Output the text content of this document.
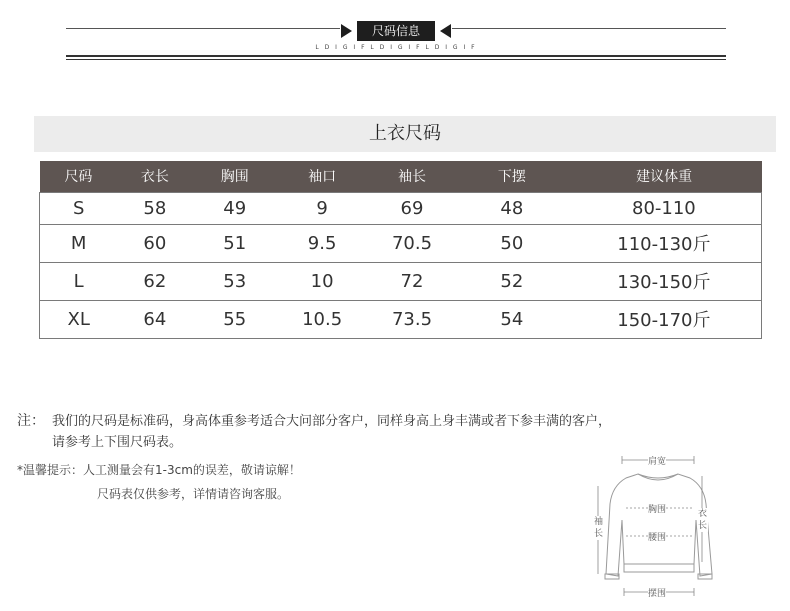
尺码信息
L D I G I F L D I G I F L D I G I F
上衣尺码
尺码	衣长	胸围	袖口	袖长	下摆	建议体重
S	58	49	9	69	48	80-110
M	60	51	9.5	70.5	50	110-130斤
L	62	53	10	72	52	130-150斤
XL	64	55	10.5	73.5	54	150-170斤
注： 我们的尺码是标准码，身高体重参考适合大问部分客户，同样身高上身丰满或者下参丰满的客户，
请参考上下围尺码表。
*温馨提示：人工测量会有1-3cm的误差，敬请谅解！
尺码表仅供参考，详情请咨询客服。
肩宽
胸围
腰围
袖长
衣长
摆围
